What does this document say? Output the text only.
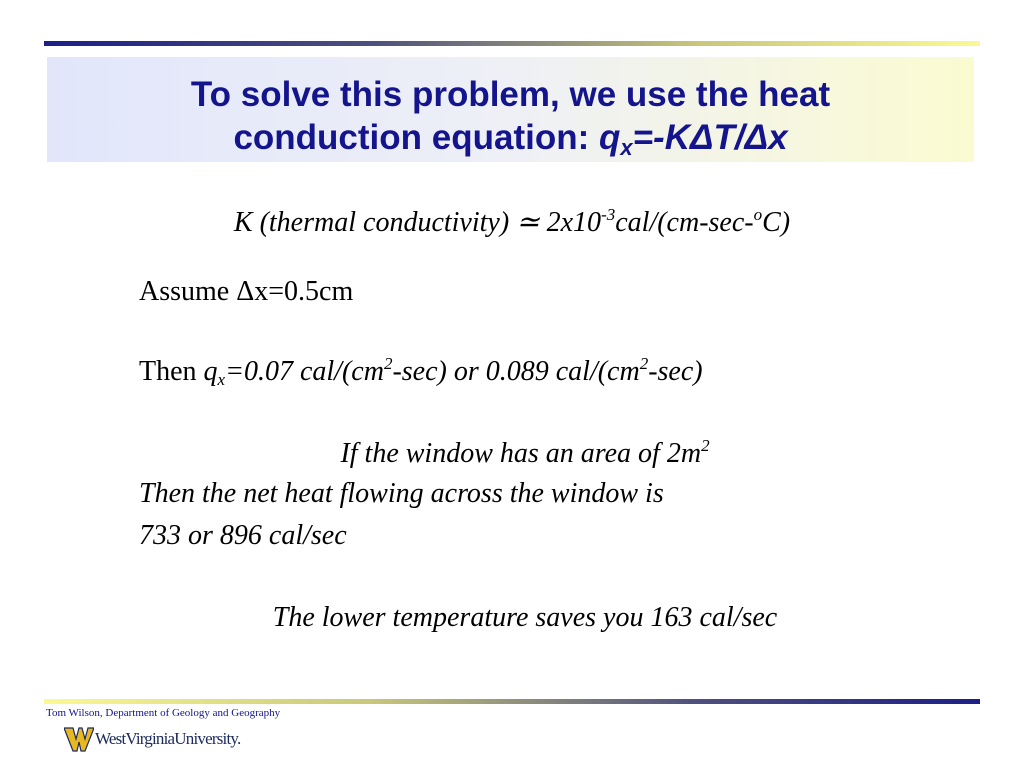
To solve this problem, we use the heat
conduction equation: $q_x=-K\Delta T/\Delta x$
K (thermal conductivity) ≃ $2x10^{-3}cal/(cm-\sec-^oC)$
Assume Δx=0.5cm
Then $q_x=0.07$ cal/$(cm^2-\sec)$ or 0.089 cal/$(cm^2-\sec)$
If the window has an area of $2m^2$
Then the net heat flowing across the window is
733 or 896 cal/sec
The lower temperature saves you 163 cal/sec
Tom Wilson, Department of Geology and Geography
WestVirginiaUniversity.
